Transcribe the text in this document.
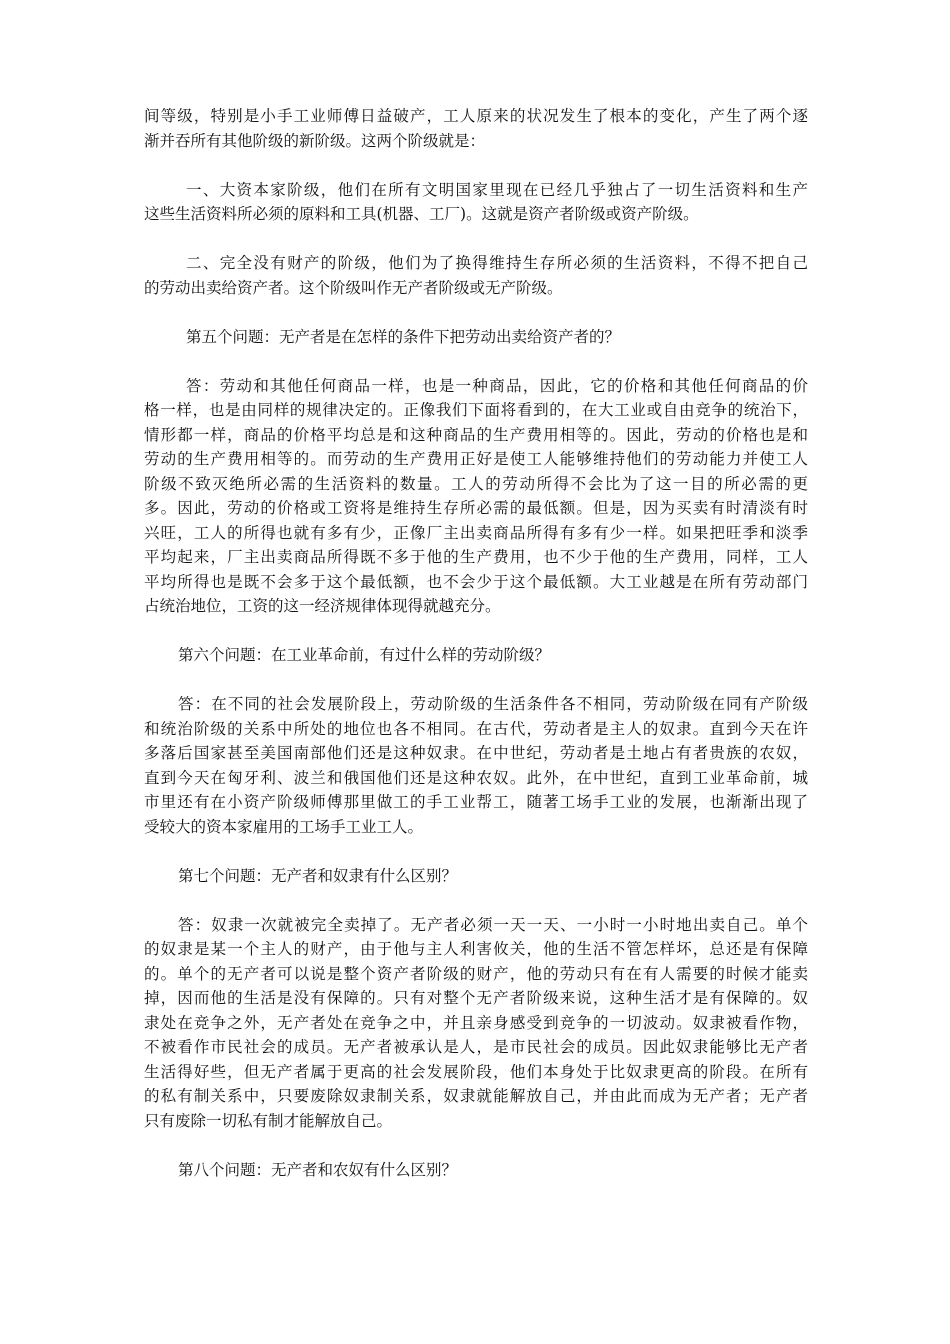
间等级，特别是小手工业师傅日益破产，工人原来的状况发生了根本的变化，产生了两个逐
渐并吞所有其他阶级的新阶级。这两个阶级就是：
一、大资本家阶级，他们在所有文明国家里现在已经几乎独占了一切生活资料和生产
这些生活资料所必须的原料和工具(机器、工厂)。这就是资产者阶级或资产阶级。
二、完全没有财产的阶级，他们为了换得维持生存所必须的生活资料，不得不把自己
的劳动出卖给资产者。这个阶级叫作无产者阶级或无产阶级。
第五个问题：无产者是在怎样的条件下把劳动出卖给资产者的？
答：劳动和其他任何商品一样，也是一种商品，因此，它的价格和其他任何商品的价
格一样，也是由同样的规律决定的。正像我们下面将看到的，在大工业或自由竞争的统治下，
情形都一样，商品的价格平均总是和这种商品的生产费用相等的。因此，劳动的价格也是和
劳动的生产费用相等的。而劳动的生产费用正好是使工人能够维持他们的劳动能力并使工人
阶级不致灭绝所必需的生活资料的数量。工人的劳动所得不会比为了这一目的所必需的更
多。因此，劳动的价格或工资将是维持生存所必需的最低额。但是，因为买卖有时清淡有时
兴旺，工人的所得也就有多有少，正像厂主出卖商品所得有多有少一样。如果把旺季和淡季
平均起来，厂主出卖商品所得既不多于他的生产费用，也不少于他的生产费用，同样，工人
平均所得也是既不会多于这个最低额，也不会少于这个最低额。大工业越是在所有劳动部门
占统治地位，工资的这一经济规律体现得就越充分。
第六个问题：在工业革命前，有过什么样的劳动阶级？
答：在不同的社会发展阶段上，劳动阶级的生活条件各不相同，劳动阶级在同有产阶级
和统治阶级的关系中所处的地位也各不相同。在古代，劳动者是主人的奴隶。直到今天在许
多落后国家甚至美国南部他们还是这种奴隶。在中世纪，劳动者是土地占有者贵族的农奴，
直到今天在匈牙利、波兰和俄国他们还是这种农奴。此外，在中世纪，直到工业革命前，城
市里还有在小资产阶级师傅那里做工的手工业帮工，随著工场手工业的发展，也渐渐出现了
受较大的资本家雇用的工场手工业工人。
第七个问题：无产者和奴隶有什么区别？
答：奴隶一次就被完全卖掉了。无产者必须一天一天、一小时一小时地出卖自己。单个
的奴隶是某一个主人的财产，由于他与主人利害攸关，他的生活不管怎样坏，总还是有保障
的。单个的无产者可以说是整个资产者阶级的财产，他的劳动只有在有人需要的时候才能卖
掉，因而他的生活是没有保障的。只有对整个无产者阶级来说，这种生活才是有保障的。奴
隶处在竞争之外，无产者处在竞争之中，并且亲身感受到竞争的一切波动。奴隶被看作物，
不被看作市民社会的成员。无产者被承认是人，是市民社会的成员。因此奴隶能够比无产者
生活得好些，但无产者属于更高的社会发展阶段，他们本身处于比奴隶更高的阶段。在所有
的私有制关系中，只要废除奴隶制关系，奴隶就能解放自己，并由此而成为无产者；无产者
只有废除一切私有制才能解放自己。
第八个问题：无产者和农奴有什么区别？
